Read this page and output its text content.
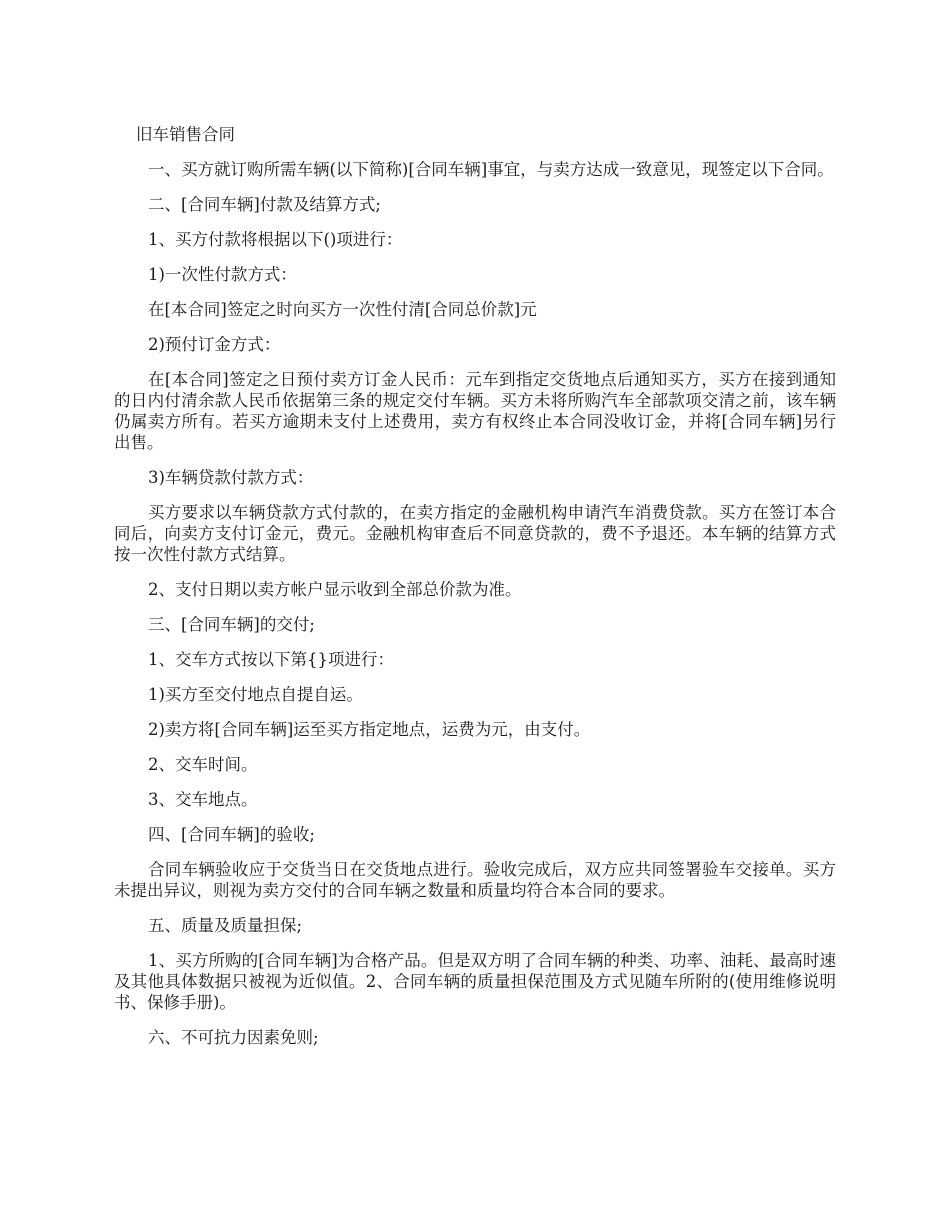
旧车销售合同

一、买方就订购所需车辆(以下简称)[合同车辆]事宜，与卖方达成一致意见，现签定以下合同。

二、[合同车辆]付款及结算方式;

1、买方付款将根据以下()项进行：

1)一次性付款方式：

在[本合同]签定之时向买方一次性付清[合同总价款]元

2)预付订金方式：

在[本合同]签定之日预付卖方订金人民币：元车到指定交货地点后通知买方，买方在接到通知的日内付清余款人民币依据第三条的规定交付车辆。买方未将所购汽车全部款项交清之前，该车辆仍属卖方所有。若买方逾期未支付上述费用，卖方有权终止本合同没收订金，并将[合同车辆]另行出售。

3)车辆贷款付款方式：

买方要求以车辆贷款方式付款的，在卖方指定的金融机构申请汽车消费贷款。买方在签订本合同后，向卖方支付订金元，费元。金融机构审查后不同意贷款的，费不予退还。本车辆的结算方式按一次性付款方式结算。

2、支付日期以卖方帐户显示收到全部总价款为准。

三、[合同车辆]的交付;

1、交车方式按以下第{}项进行：

1)买方至交付地点自提自运。

2)卖方将[合同车辆]运至买方指定地点，运费为元，由支付。

2、交车时间。

3、交车地点。

四、[合同车辆]的验收;

合同车辆验收应于交货当日在交货地点进行。验收完成后，双方应共同签署验车交接单。买方未提出异议，则视为卖方交付的合同车辆之数量和质量均符合本合同的要求。

五、质量及质量担保;

1、买方所购的[合同车辆]为合格产品。但是双方明了合同车辆的种类、功率、油耗、最高时速及其他具体数据只被视为近似值。2、合同车辆的质量担保范围及方式见随车所附的(使用维修说明书、保修手册)。

六、不可抗力因素免则;
